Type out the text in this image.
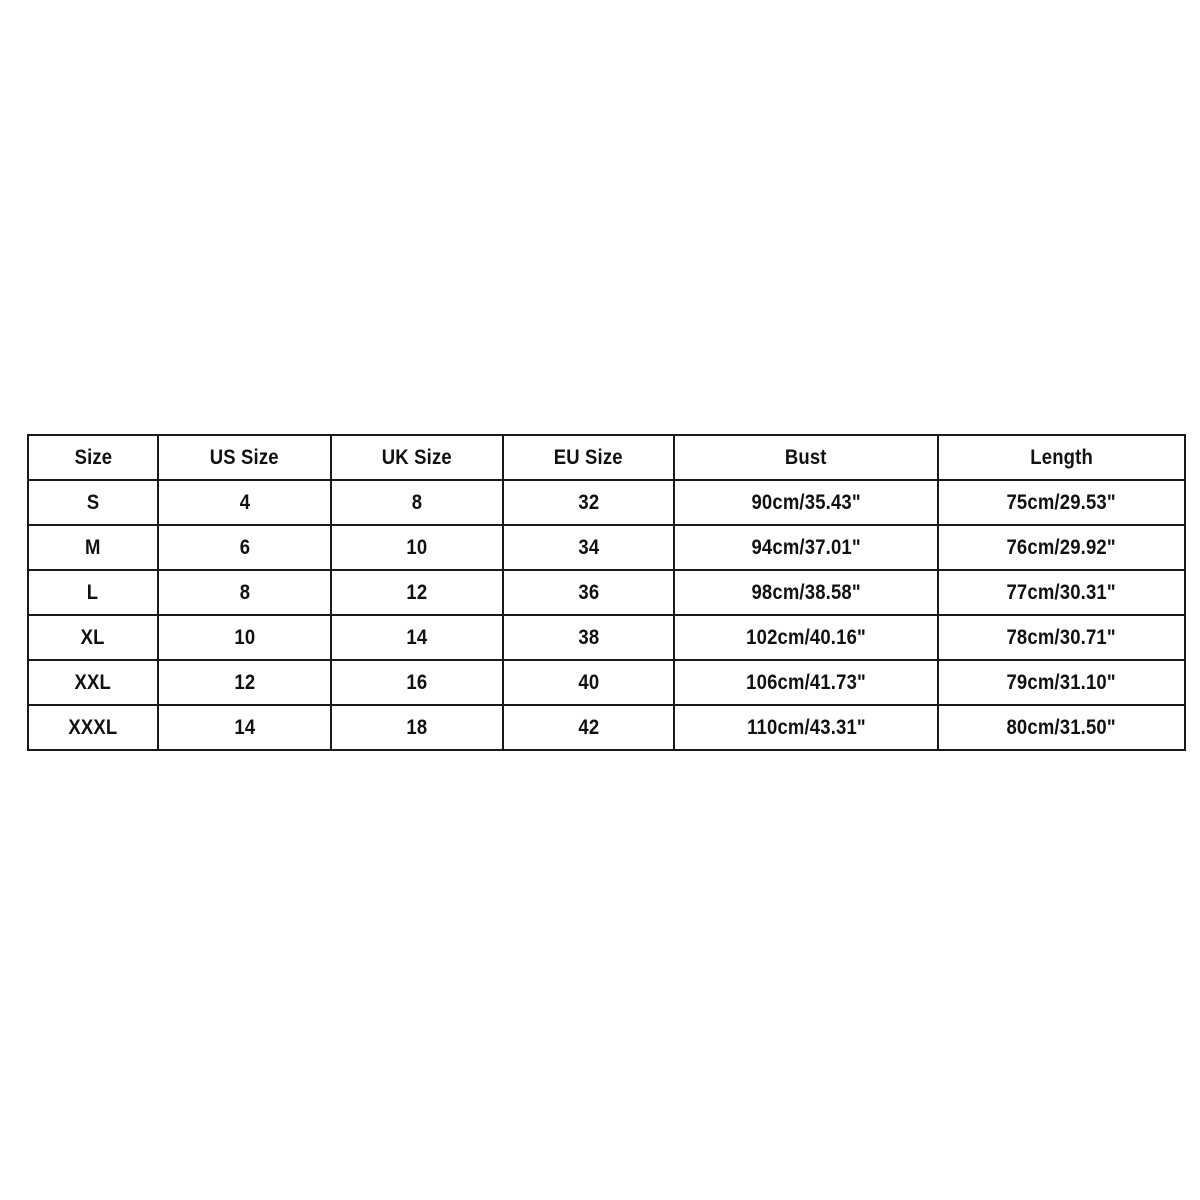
Size	US Size	UK Size	EU Size	Bust	Length
S	4	8	32	90cm/35.43"	75cm/29.53"
M	6	10	34	94cm/37.01"	76cm/29.92"
L	8	12	36	98cm/38.58"	77cm/30.31"
XL	10	14	38	102cm/40.16"	78cm/30.71"
XXL	12	16	40	106cm/41.73"	79cm/31.10"
XXXL	14	18	42	110cm/43.31"	80cm/31.50"
